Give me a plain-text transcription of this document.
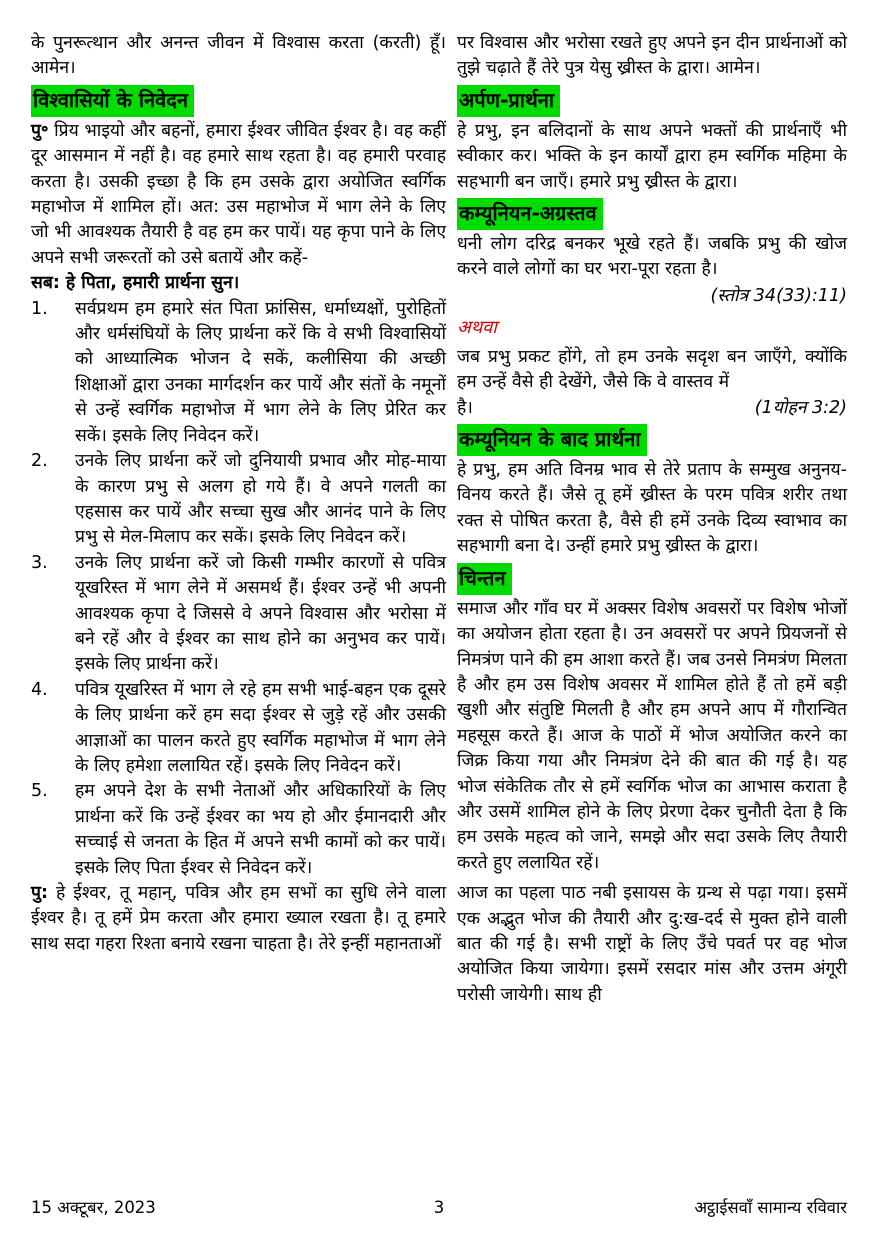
के पुनरूत्थान और अनन्त जीवन में विश्वास करता (करती) हूँ। आमेन।

विश्वासियों के निवेदन

पु॰ प्रिय भाइयो और बहनों, हमारा ईश्वर जीवित ईश्वर है। वह कहीं दूर आसमान में नहीं है। वह हमारे साथ रहता है। वह हमारी परवाह करता है। उसकी इच्छा है कि हम उसके द्वारा अयोजित स्वर्गिक महाभोज में शामिल हों। अत: उस महाभोज में भाग लेने के लिए जो भी आवश्यक तैयारी है वह हम कर पायें। यह कृपा पाने के लिए अपने सभी जरूरतों को उसे बतायें और कहें-

सब: हे पिता, हमारी प्रार्थना सुन।

1.	सर्वप्रथम हम हमारे संत पिता फ्रांसिस, धर्माध्यक्षों, पुरोहितों और धर्मसंघियों के लिए प्रार्थना करें कि वे सभी विश्वासियों को आध्यात्मिक भोजन दे सकें, कलीसिया की अच्छी शिक्षाओं द्वारा उनका मार्गदर्शन कर पायें और संतों के नमूनों से उन्हें स्वर्गिक महाभोज में भाग लेने के लिए प्रेरित कर सकें। इसके लिए निवेदन करें।
2.	उनके लिए प्रार्थना करें जो दुनियायी प्रभाव और मोह-माया के कारण प्रभु से अलग हो गये हैं। वे अपने गलती का एहसास कर पायें और सच्चा सुख और आनंद पाने के लिए प्रभु से मेल-मिलाप कर सकें। इसके लिए निवेदन करें।
3.	उनके लिए प्रार्थना करें जो किसी गम्भीर कारणों से पवित्र यूखरिस्त में भाग लेने में असमर्थ हैं। ईश्वर उन्हें भी अपनी आवश्यक कृपा दे जिससे वे अपने विश्वास और भरोसा में बने रहें और वे ईश्वर का साथ होने का अनुभव कर पायें। इसके लिए प्रार्थना करें।
4.	पवित्र यूखरिस्त में भाग ले रहे हम सभी भाई-बहन एक दूसरे के लिए प्रार्थना करें हम सदा ईश्वर से जुड़े रहें और उसकी आज्ञाओं का पालन करते हुए स्वर्गिक महाभोज में भाग लेने के लिए हमेशा ललायित रहें। इसके लिए निवेदन करें।
5.	हम अपने देश के सभी नेताओं और अधिकारियों के लिए प्रार्थना करें कि उन्हें ईश्वर का भय हो और ईमानदारी और सच्चाई से जनता के हित में अपने सभी कामों को कर पायें। इसके लिए पिता ईश्वर से निवेदन करें।

पु: हे ईश्वर, तू महान्, पवित्र और हम सभों का सुधि लेने वाला ईश्वर है। तू हमें प्रेम करता और हमारा ख्याल रखता है। तू हमारे साथ सदा गहरा रिश्ता बनाये रखना चाहता है। तेरे इन्हीं महानताओं

पर विश्वास और भरोसा रखते हुए अपने इन दीन प्रार्थनाओं को तुझे चढ़ाते हैं तेरे पुत्र येसु ख्रीस्त के द्वारा। आमेन।

अर्पण-प्रार्थना

हे प्रभु, इन बलिदानों के साथ अपने भक्तों की प्रार्थनाएँ भी स्वीकार कर। भक्ति के इन कार्यों द्वारा हम स्वर्गिक महिमा के सहभागी बन जाएँ। हमारे प्रभु ख्रीस्त के द्वारा।

कम्यूनियन-अग्रस्तव

धनी लोग दरिद्र बनकर भूखे रहते हैं। जबकि प्रभु की खोज करने वाले लोगों का घर भरा-पूरा रहता है।

(स्तोत्र 34(33):11)
अथवा

जब प्रभु प्रकट होंगे, तो हम उनके सदृश बन जाएँगे, क्योंकि हम उन्हें वैसे ही देखेंगे, जैसे कि वे वास्तव में

है।	(1योहन 3:2)
कम्यूनियन के बाद प्रार्थना

हे प्रभु, हम अति विनम्र भाव से तेरे प्रताप के सम्मुख अनुनय-विनय करते हैं। जैसे तू हमें ख्रीस्त के परम पवित्र शरीर तथा रक्त से पोषित करता है, वैसे ही हमें उनके दिव्य स्वाभाव का सहभागी बना दे। उन्हीं हमारे प्रभु ख्रीस्त के द्वारा।

चिन्तन

समाज और गाँव घर में अक्सर विशेष अवसरों पर विशेष भोजों का अयोजन होता रहता है। उन अवसरों पर अपने प्रियजनों से निमत्रंण पाने की हम आशा करते हैं। जब उनसे निमत्रंण मिलता है और हम उस विशेष अवसर में शामिल होते हैं तो हमें बड़ी खुशी और संतुष्टि मिलती है और हम अपने आप में गौरान्वित महसूस करते हैं। आज के पाठों में भोज अयोजित करने का जिक्र किया गया और निमत्रंण देने की बात की गई है। यह भोज संकेतिक तौर से हमें स्वर्गिक भोज का आभास कराता है और उसमें शामिल होने के लिए प्रेरणा देकर चुनौती देता है कि हम उसके महत्व को जाने, समझे और सदा उसके लिए तैयारी करते हुए ललायित रहें।

आज का पहला पाठ नबी इसायस के ग्रन्थ से पढ़ा गया। इसमें एक अद्भुत भोज की तैयारी और दु:ख-दर्द से मुक्त होने वाली बात की गई है। सभी राष्ट्रों के लिए उँचे पवर्त पर वह भोज अयोजित किया जायेगा। इसमें रसदार मांस और उत्तम अंगूरी परोसी जायेगी। साथ ही

15 अक्टूबर, 2023	3	अट्ठाईसवाँ सामान्य रविवार
